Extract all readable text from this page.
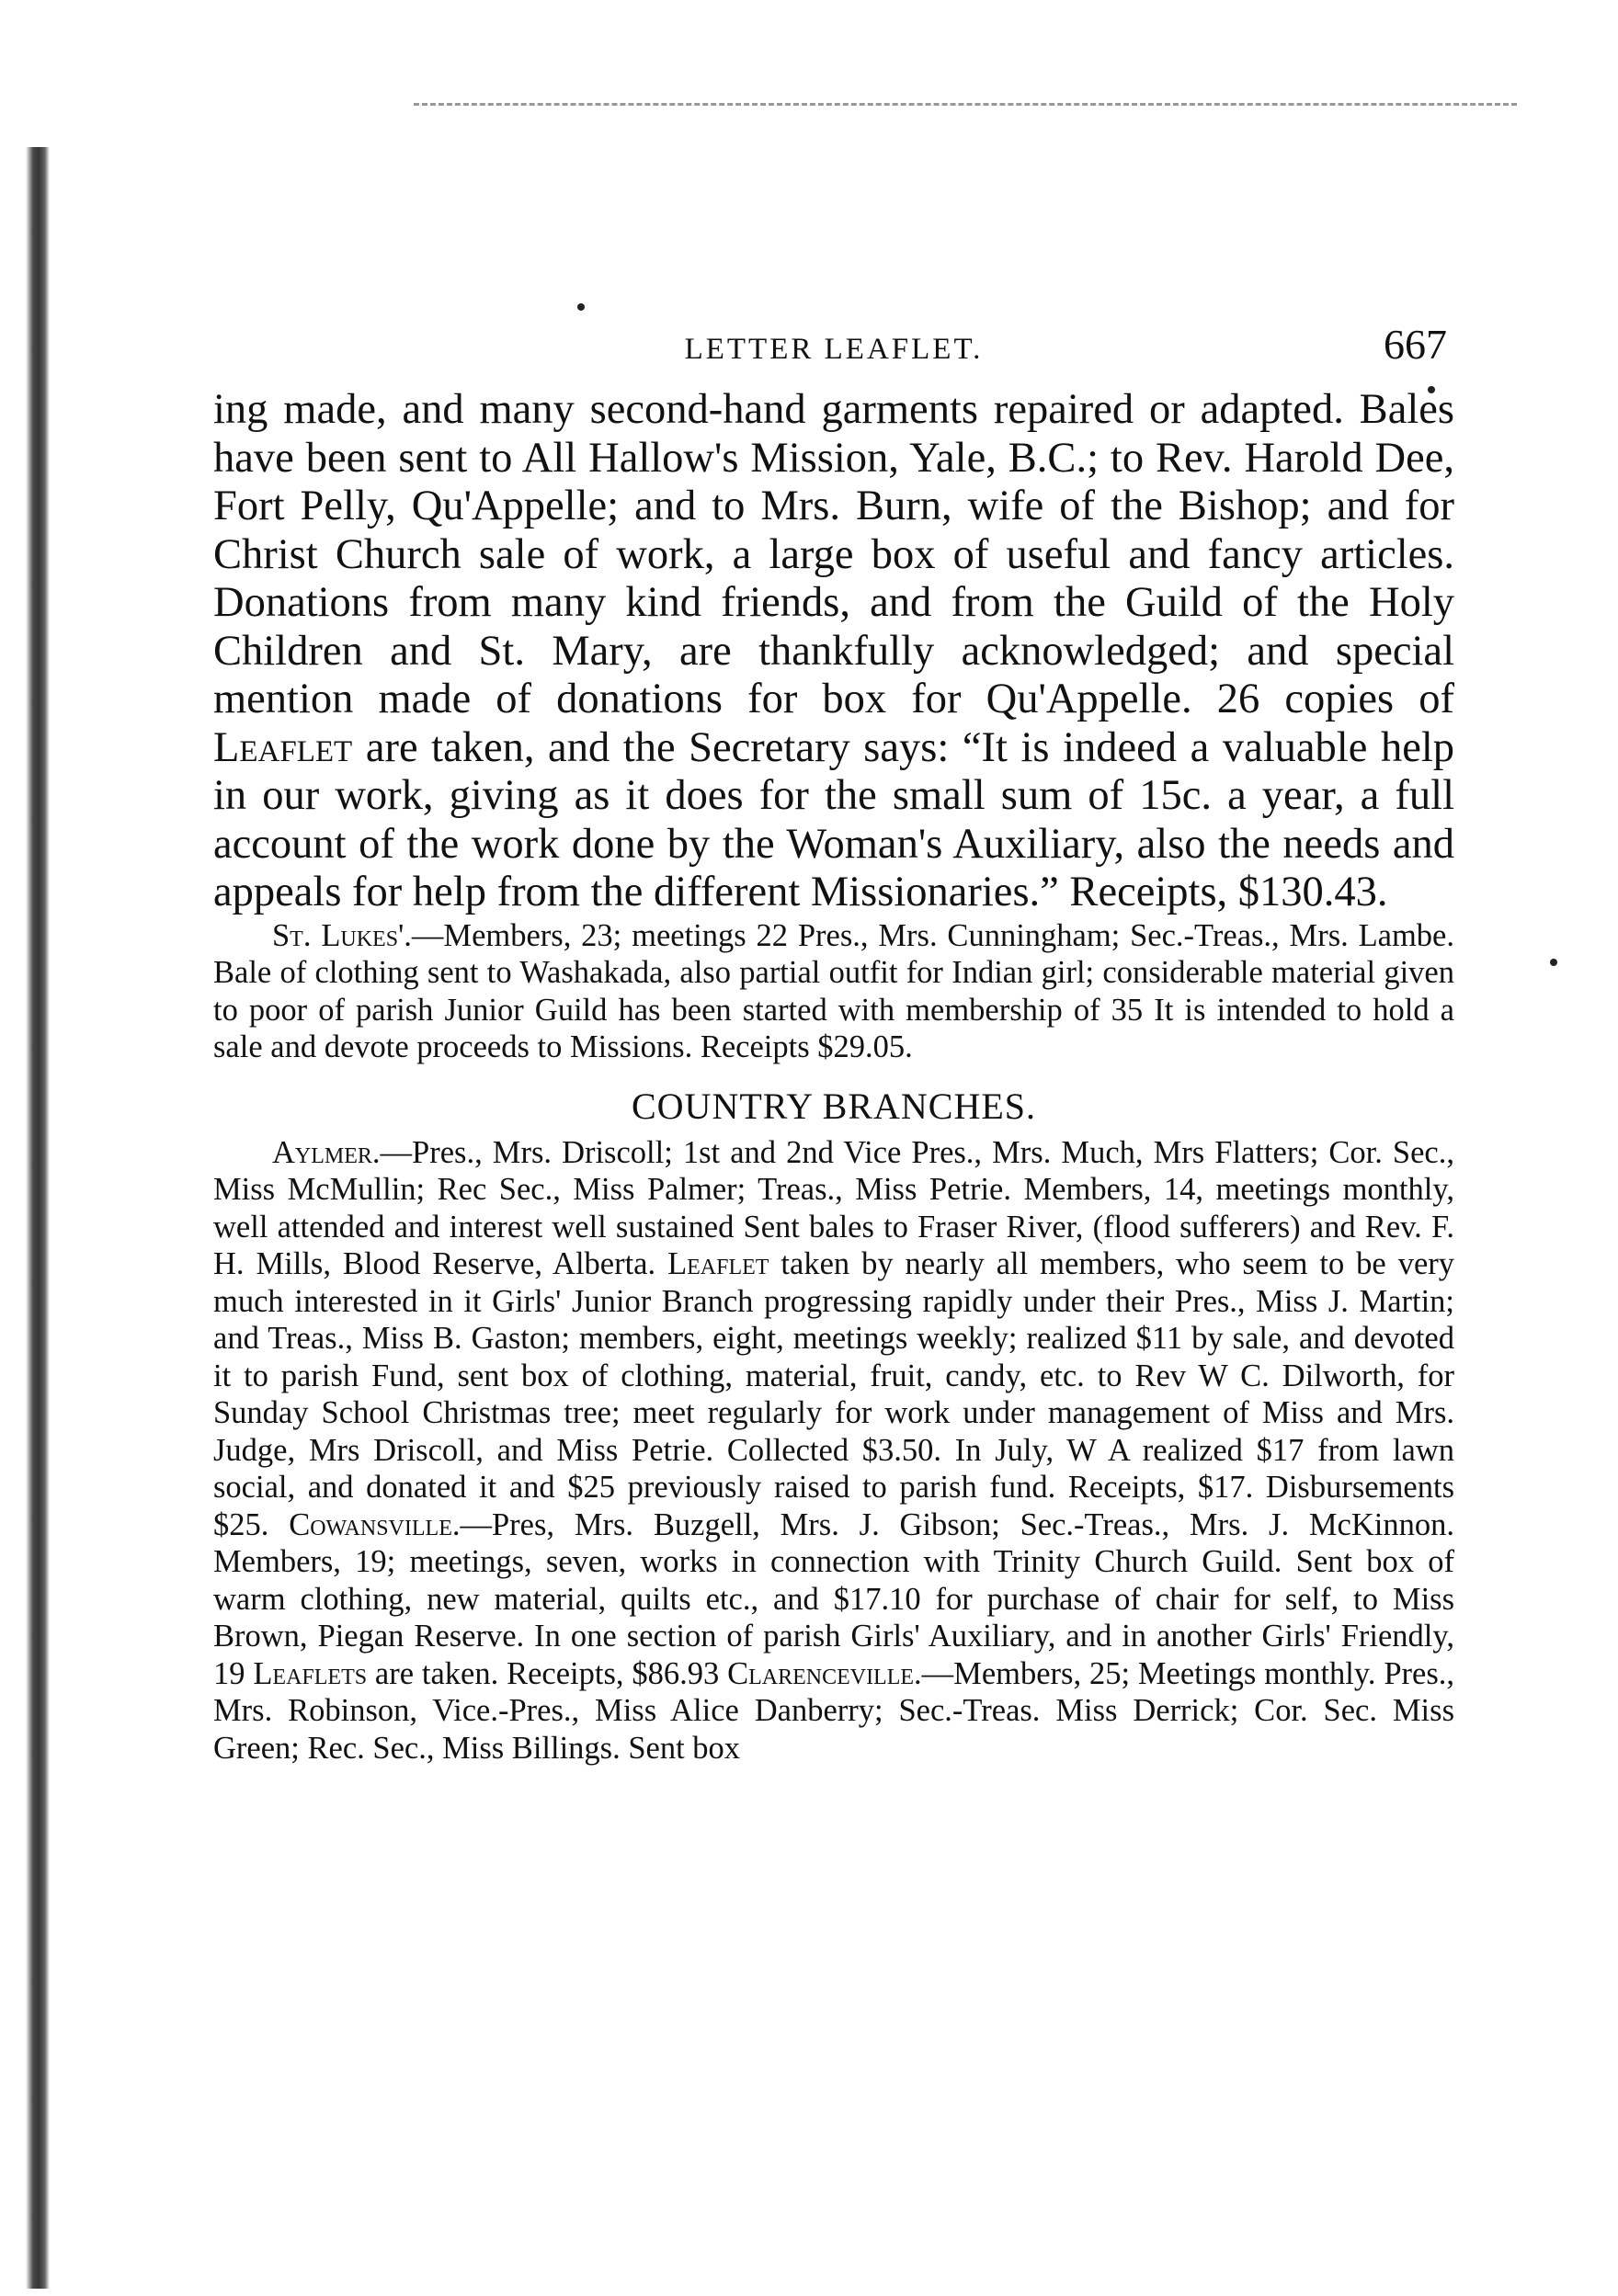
LETTER LEAFLET.	667

ing made, and many second-hand garments repaired or adapted. Bales have been sent to All Hallow's Mission, Yale, B.C.; to Rev. Harold Dee, Fort Pelly, Qu'Appelle; and to Mrs. Burn, wife of the Bishop; and for Christ Church sale of work, a large box of useful and fancy articles. Donations from many kind friends, and from the Guild of the Holy Children and St. Mary, are thankfully acknowledged; and special mention made of donations for box for Qu'Appelle. 26 copies of Leaflet are taken, and the Secretary says: “It is indeed a valuable help in our work, giving as it does for the small sum of 15c. a year, a full account of the work done by the Woman's Auxiliary, also the needs and appeals for help from the different Missionaries.” Receipts, $130.43.

St. Lukes'.—Members, 23; meetings 22 Pres., Mrs. Cunningham; Sec.-Treas., Mrs. Lambe. Bale of clothing sent to Washakada, also partial outfit for Indian girl; considerable material given to poor of parish Junior Guild has been started with membership of 35 It is intended to hold a sale and devote proceeds to Missions. Receipts $29.05.

COUNTRY BRANCHES.

Aylmer.—Pres., Mrs. Driscoll; 1st and 2nd Vice Pres., Mrs. Much, Mrs Flatters; Cor. Sec., Miss McMullin; Rec Sec., Miss Palmer; Treas., Miss Petrie. Members, 14, meetings monthly, well attended and interest well sustained Sent bales to Fraser River, (flood sufferers) and Rev. F. H. Mills, Blood Reserve, Alberta. Leaflet taken by nearly all members, who seem to be very much interested in it Girls' Junior Branch progressing rapidly under their Pres., Miss J. Martin; and Treas., Miss B. Gaston; members, eight, meetings weekly; realized $11 by sale, and devoted it to parish Fund, sent box of clothing, material, fruit, candy, etc. to Rev W C. Dilworth, for Sunday School Christmas tree; meet regularly for work under management of Miss and Mrs. Judge, Mrs Driscoll, and Miss Petrie. Collected $3.50. In July, W A realized $17 from lawn social, and donated it and $25 previously raised to parish fund. Receipts, $17. Disbursements $25. Cowansville.—Pres, Mrs. Buzgell, Mrs. J. Gibson; Sec.-Treas., Mrs. J. McKinnon. Members, 19; meetings, seven, works in connection with Trinity Church Guild. Sent box of warm clothing, new material, quilts etc., and $17.10 for purchase of chair for self, to Miss Brown, Piegan Reserve. In one section of parish Girls' Auxiliary, and in another Girls' Friendly, 19 Leaflets are taken. Receipts, $86.93 Clarenceville.—Members, 25; Meetings monthly. Pres., Mrs. Robinson, Vice.-Pres., Miss Alice Danberry; Sec.-Treas. Miss Derrick; Cor. Sec. Miss Green; Rec. Sec., Miss Billings. Sent box
